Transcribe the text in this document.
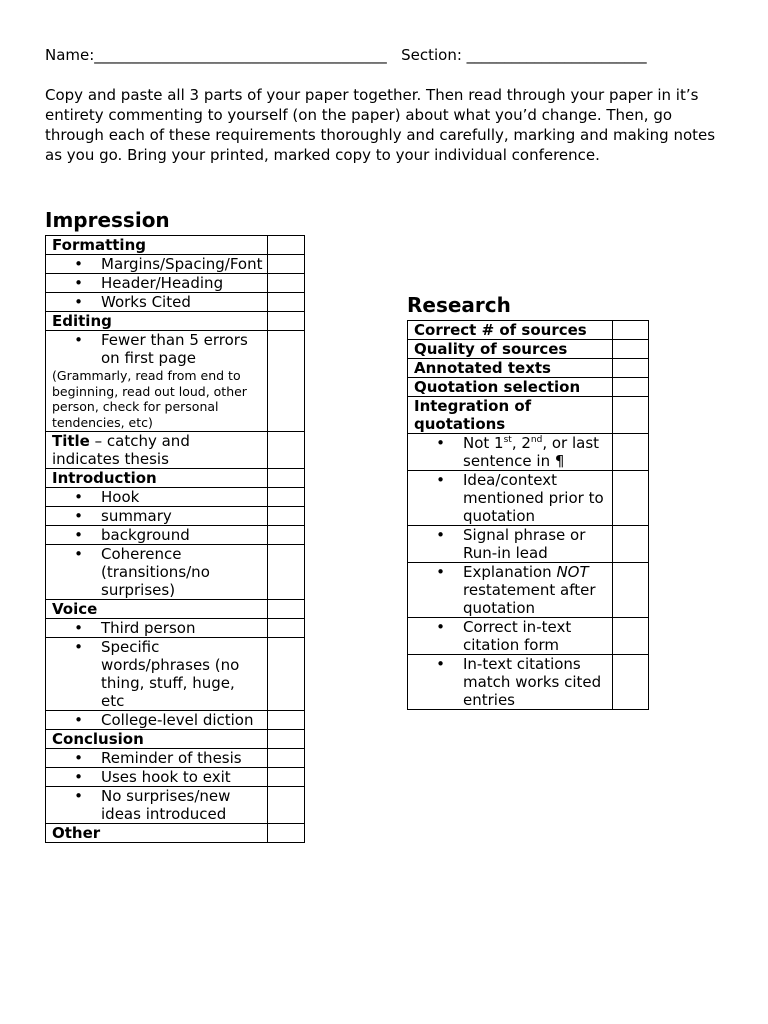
Name:_______________________________________   Section: ________________________
Copy and paste all 3 parts of your paper together. Then read through your paper in it’s entirety commenting to yourself (on the paper) about what you’d change. Then, go through each of these requirements thoroughly and carefully, marking and making notes as you go. Bring your printed, marked copy to your individual conference.
Impression
Formatting	

• Margins/Spacing/Font	

• Header/Heading	

• Works Cited	

Editing	

• Fewer than 5 errors on first page
(Grammarly, read from end to beginning, read out loud, other person, check for personal tendencies, etc)	

Title – catchy and indicates thesis	
Introduction	

• Hook	

• summary	

• background	

• Coherence (transitions/no surprises)	

Voice	

• Third person	

• Specific words/phrases (no thing, stuff, huge, etc	

• College-level diction	

Conclusion	

• Reminder of thesis	

• Uses hook to exit	

• No surprises/new ideas introduced	

Other	
Research
Correct # of sources	
Quality of sources	
Annotated texts	
Quotation selection	
Integration of quotations	

• Not 1st, 2nd, or last sentence in ¶	

• Idea/context mentioned prior to quotation	

• Signal phrase or Run-in lead	

• Explanation NOT restatement after quotation	

• Correct in-text citation form	

• In-text citations match works cited entries	
